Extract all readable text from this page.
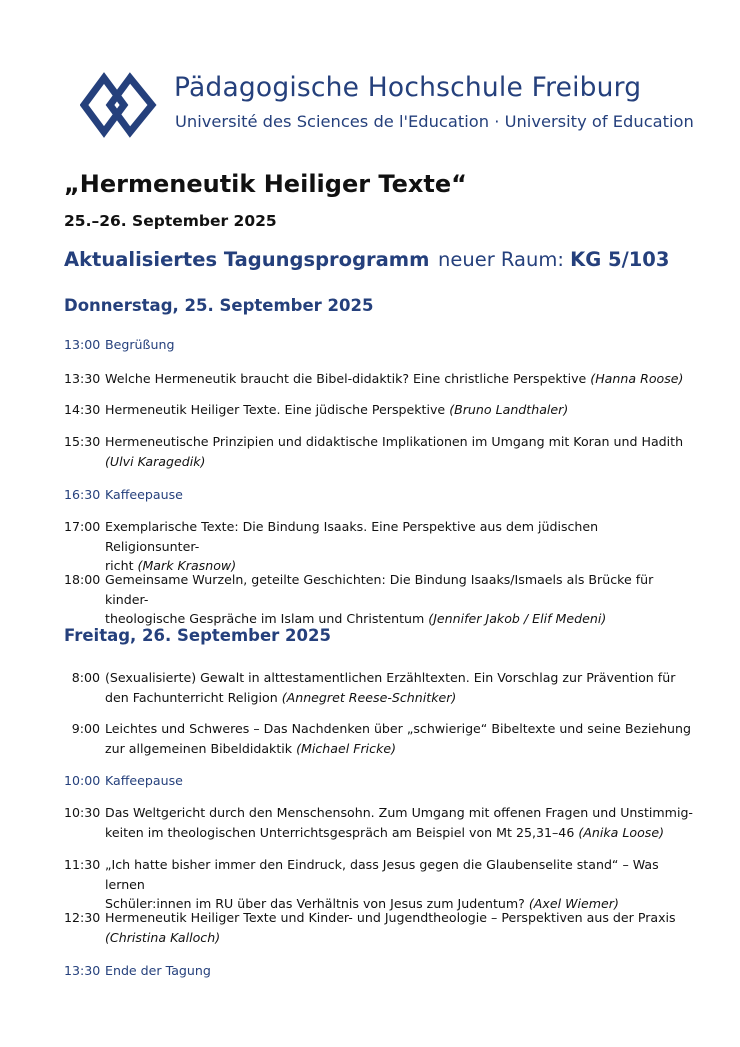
Pädagogische Hochschule Freiburg
Université des Sciences de l'Education · University of Education
„Hermeneutik Heiliger Texte“
25.–26. September 2025
Aktualisiertes Tagungsprogramm neuer Raum: KG 5/103
Donnerstag, 25. September 2025
13:00 Begrüßung
13:30 Welche Hermeneutik braucht die Bibel-didaktik? Eine christliche Perspektive (Hanna Roose)
14:30 Hermeneutik Heiliger Texte. Eine jüdische Perspektive (Bruno Landthaler)
15:30 Hermeneutische Prinzipien und didaktische Implikationen im Umgang mit Koran und Hadith
(Ulvi Karagedik)
16:30 Kaffeepause
17:00 Exemplarische Texte: Die Bindung Isaaks. Eine Perspektive aus dem jüdischen Religionsunter-
richt (Mark Krasnow)
18:00 Gemeinsame Wurzeln, geteilte Geschichten: Die Bindung Isaaks/Ismaels als Brücke für kinder-
theologische Gespräche im Islam und Christentum (Jennifer Jakob / Elif Medeni)
Freitag, 26. September 2025
8:00 (Sexualisierte) Gewalt in alttestamentlichen Erzähltexten. Ein Vorschlag zur Prävention für
den Fachunterricht Religion (Annegret Reese-Schnitker)
9:00 Leichtes und Schweres – Das Nachdenken über „schwierige“ Bibeltexte und seine Beziehung
zur allgemeinen Bibeldidaktik (Michael Fricke)
10:00 Kaffeepause
10:30 Das Weltgericht durch den Menschensohn. Zum Umgang mit offenen Fragen und Unstimmig-
keiten im theologischen Unterrichtsgespräch am Beispiel von Mt 25,31–46 (Anika Loose)
11:30 „Ich hatte bisher immer den Eindruck, dass Jesus gegen die Glaubenselite stand“ – Was lernen
Schüler:innen im RU über das Verhältnis von Jesus zum Judentum? (Axel Wiemer)
12:30 Hermeneutik Heiliger Texte und Kinder- und Jugendtheologie – Perspektiven aus der Praxis
(Christina Kalloch)
13:30 Ende der Tagung
